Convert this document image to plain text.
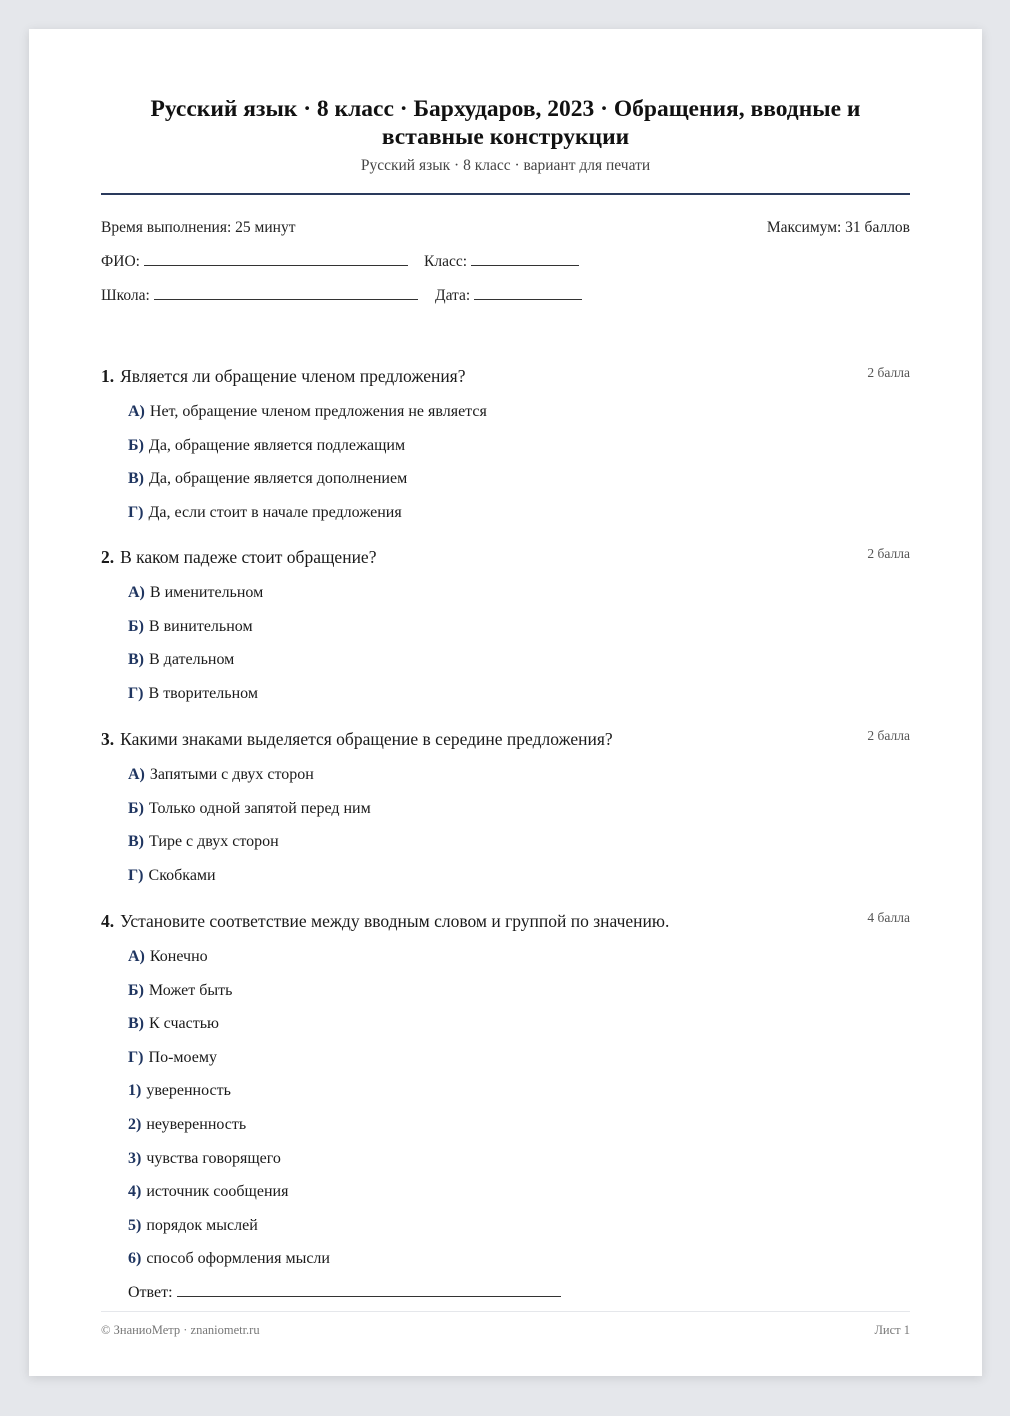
Русский язык · 8 класс · Бархударов, 2023 · Обращения, вводные и вставные конструкции
Русский язык · 8 класс · вариант для печати
Время выполнения: 25 минут	Максимум: 31 баллов
ФИО:	Класс:
Школа:	Дата:
1. Является ли обращение членом предложения?	2 балла
А) Нет, обращение членом предложения не является
Б) Да, обращение является подлежащим
В) Да, обращение является дополнением
Г) Да, если стоит в начале предложения
2. В каком падеже стоит обращение?	2 балла
А) В именительном
Б) В винительном
В) В дательном
Г) В творительном
3. Какими знаками выделяется обращение в середине предложения?	2 балла
А) Запятыми с двух сторон
Б) Только одной запятой перед ним
В) Тире с двух сторон
Г) Скобками
4. Установите соответствие между вводным словом и группой по значению.	4 балла
А) Конечно
Б) Может быть
В) К счастью
Г) По-моему
1) уверенность
2) неуверенность
3) чувства говорящего
4) источник сообщения
5) порядок мыслей
6) способ оформления мысли
Ответ:
© ЗнаниоМетр · znaniometr.ru	Лист 1
